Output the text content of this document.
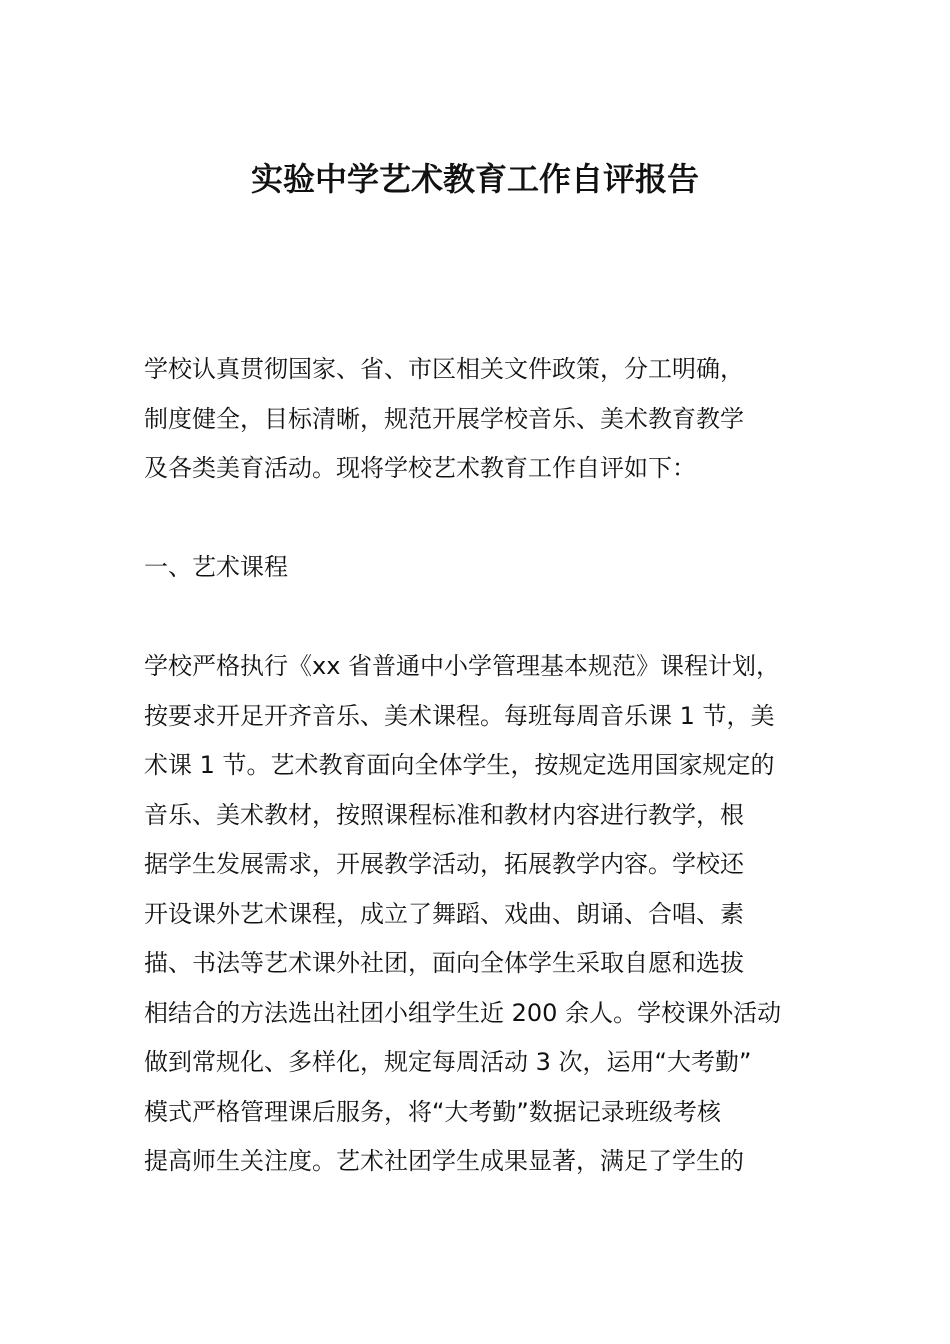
实验中学艺术教育工作自评报告
学校认真贯彻国家、省、市区相关文件政策，分工明确，
制度健全，目标清晰，规范开展学校音乐、美术教育教学
及各类美育活动。现将学校艺术教育工作自评如下：
一、艺术课程
学校严格执行《xx 省普通中小学管理基本规范》课程计划，
按要求开足开齐音乐、美术课程。每班每周音乐课 1 节，美
术课 1 节。艺术教育面向全体学生，按规定选用国家规定的
音乐、美术教材，按照课程标准和教材内容进行教学，根
据学生发展需求，开展教学活动，拓展教学内容。学校还
开设课外艺术课程，成立了舞蹈、戏曲、朗诵、合唱、素
描、书法等艺术课外社团，面向全体学生采取自愿和选拔
相结合的方法选出社团小组学生近 200 余人。学校课外活动
做到常规化、多样化，规定每周活动 3 次，运用“大考勤”
模式严格管理课后服务，将“大考勤”数据记录班级考核
提高师生关注度。艺术社团学生成果显著，满足了学生的
